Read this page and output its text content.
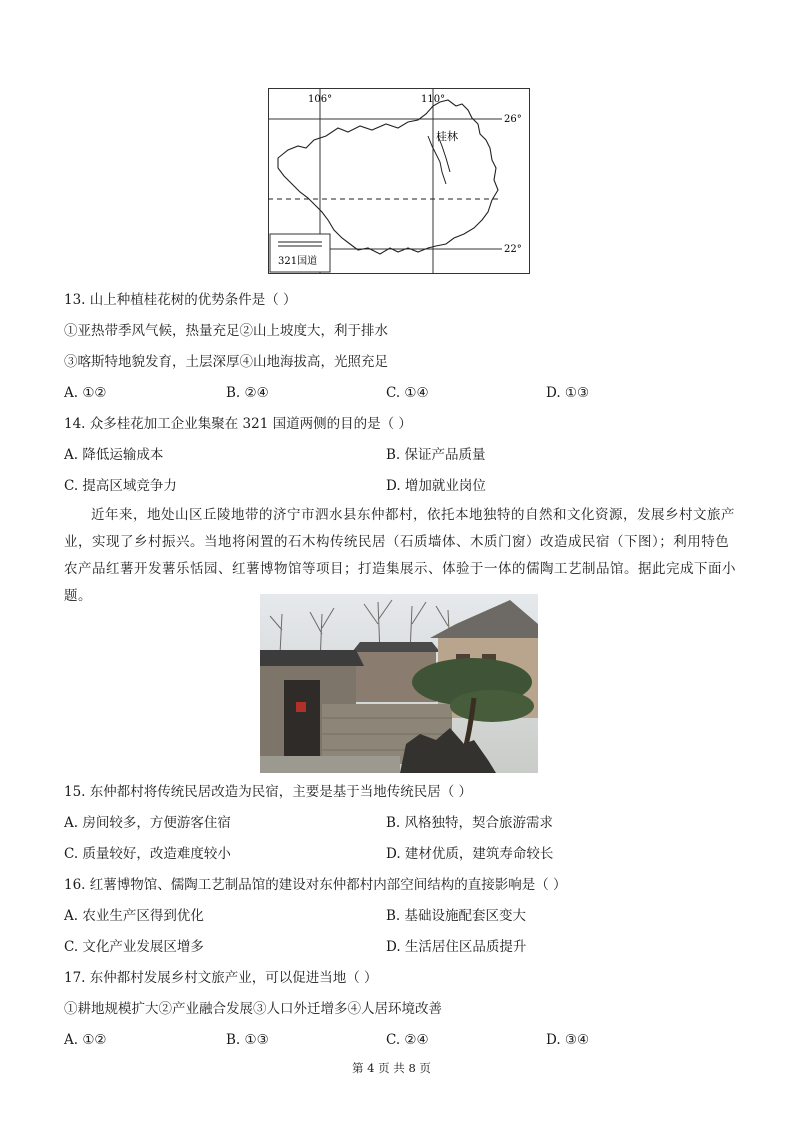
106°	110°
26°
22°
桂林
321国道
13. 山上种植桂花树的优势条件是（ ）
①亚热带季风气候，热量充足②山上坡度大，利于排水
③喀斯特地貌发育，土层深厚④山地海拔高，光照充足
A. ①②	B. ②④	C. ①④	D. ①③
14. 众多桂花加工企业集聚在 321 国道两侧的目的是（ ）
A. 降低运输成本	B. 保证产品质量
C. 提高区域竞争力	D. 增加就业岗位
近年来，地处山区丘陵地带的济宁市泗水县东仲都村，依托本地独特的自然和文化资源，发展乡村文旅产业，实现了乡村振兴。当地将闲置的石木构传统民居（石质墙体、木质门窗）改造成民宿（下图）；利用特色农产品红薯开发薯乐恬园、红薯博物馆等项目；打造集展示、体验于一体的儒陶工艺制品馆。据此完成下面小题。
15. 东仲都村将传统民居改造为民宿，主要是基于当地传统民居（ ）
A. 房间较多，方便游客住宿	B. 风格独特，契合旅游需求
C. 质量较好，改造难度较小	D. 建材优质，建筑寿命较长
16. 红薯博物馆、儒陶工艺制品馆的建设对东仲都村内部空间结构的直接影响是（ ）
A. 农业生产区得到优化	B. 基础设施配套区变大
C. 文化产业发展区增多	D. 生活居住区品质提升
17. 东仲都村发展乡村文旅产业，可以促进当地（ ）
①耕地规模扩大②产业融合发展③人口外迁增多④人居环境改善
A. ①②	B. ①③	C. ②④	D. ③④
第 4 页 共 8 页
